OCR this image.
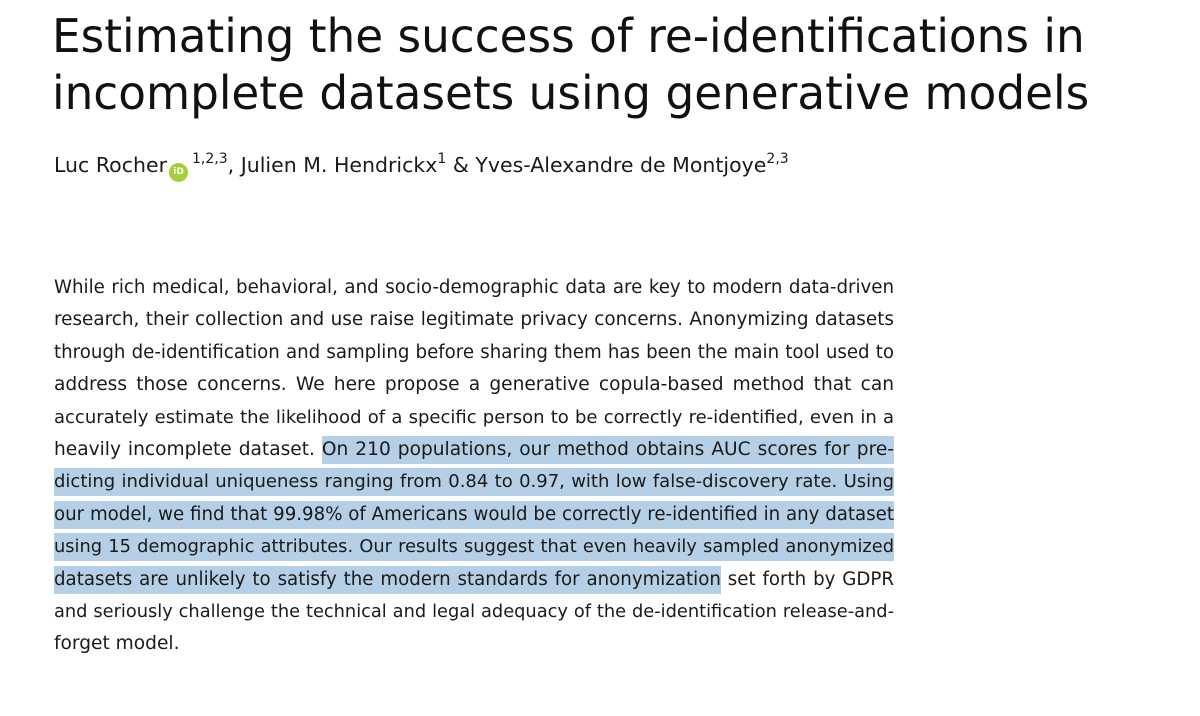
Estimating the success of re-identifications in
incomplete datasets using generative models
Luc Rocher iD$^{1,2,3}$, Julien M. Hendrickx$^1$ & Yves-Alexandre de Montjoye$^{2,3}$
While rich medical, behavioral, and socio-demographic data are key to modern data-driven
research, their collection and use raise legitimate privacy concerns. Anonymizing datasets
through de-identification and sampling before sharing them has been the main tool used to
address those concerns. We here propose a generative copula-based method that can
accurately estimate the likelihood of a specific person to be correctly re-identified, even in a
heavily incomplete dataset. On 210 populations, our method obtains AUC scores for pre-
dicting individual uniqueness ranging from 0.84 to 0.97, with low false-discovery rate. Using
our model, we find that 99.98% of Americans would be correctly re-identified in any dataset
using 15 demographic attributes. Our results suggest that even heavily sampled anonymized
datasets are unlikely to satisfy the modern standards for anonymization set forth by GDPR
and seriously challenge the technical and legal adequacy of the de-identification release-and-
forget model.
